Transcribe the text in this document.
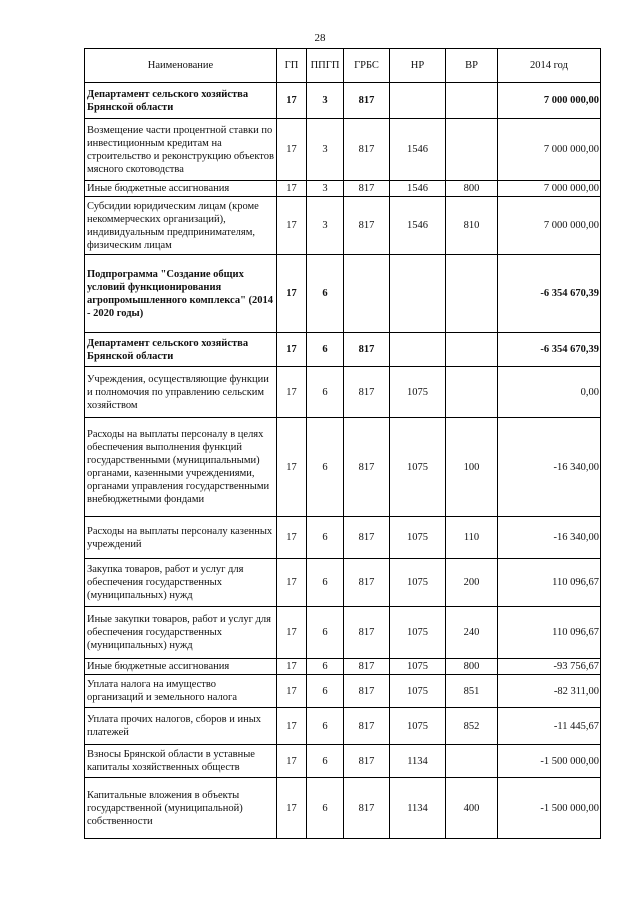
28
Наименование	ГП	ППГП	ГРБС	НР	ВР	2014 год
Департамент сельского хозяйства Брянской области	17	3	817			7 000 000,00
Возмещение части процентной ставки по инвестиционным кредитам на строительство и реконструкцию объектов мясного скотоводства	17	3	817	1546		7 000 000,00
Иные бюджетные ассигнования	17	3	817	1546	800	7 000 000,00
Субсидии юридическим лицам (кроме некоммерческих организаций), индивидуальным предпринимателям, физическим лицам	17	3	817	1546	810	7 000 000,00
Подпрограмма "Создание общих условий функционирования агропромышленного комплекса" (2014 - 2020 годы)	17	6				-6 354 670,39
Департамент сельского хозяйства Брянской области	17	6	817			-6 354 670,39
Учреждения, осуществляющие функции и полномочия по управлению сельским хозяйством	17	6	817	1075		0,00
Расходы на выплаты персоналу в целях обеспечения выполнения функций государственными (муниципальными) органами, казенными учреждениями, органами управления государственными внебюджетными фондами	17	6	817	1075	100	-16 340,00
Расходы на выплаты персоналу казенных учреждений	17	6	817	1075	110	-16 340,00
Закупка товаров, работ и услуг для обеспечения государственных (муниципальных) нужд	17	6	817	1075	200	110 096,67
Иные закупки товаров, работ и услуг для обеспечения государственных (муниципальных) нужд	17	6	817	1075	240	110 096,67
Иные бюджетные ассигнования	17	6	817	1075	800	-93 756,67
Уплата налога на имущество организаций и земельного налога	17	6	817	1075	851	-82 311,00
Уплата прочих налогов, сборов и иных платежей	17	6	817	1075	852	-11 445,67
Взносы Брянской области в уставные капиталы хозяйственных обществ	17	6	817	1134		-1 500 000,00
Капитальные вложения в объекты государственной (муниципальной) собственности	17	6	817	1134	400	-1 500 000,00
